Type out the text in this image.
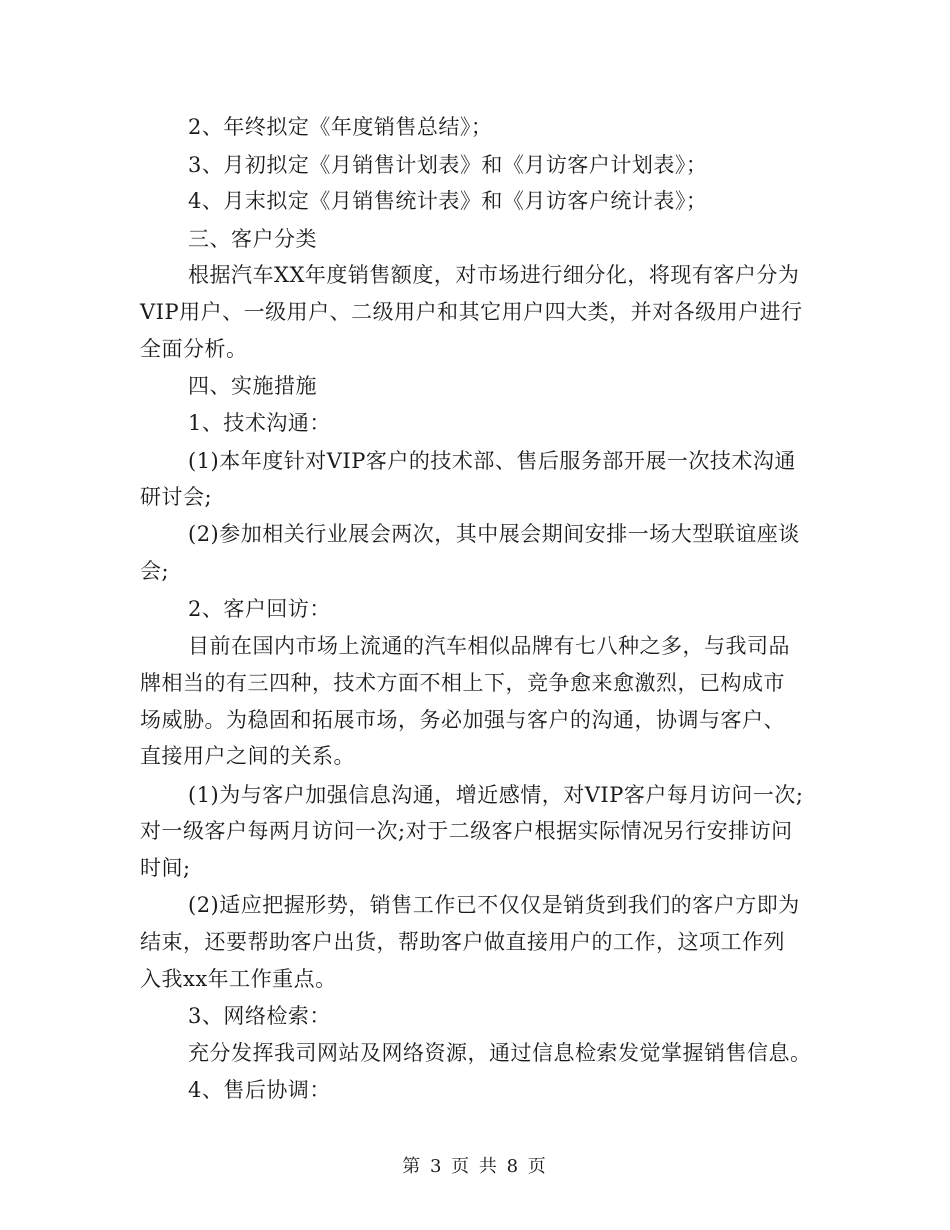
2、年终拟定《年度销售总结》；
3、月初拟定《月销售计划表》和《月访客户计划表》；
4、月末拟定《月销售统计表》和《月访客户统计表》；
三、客户分类
根据汽车XX年度销售额度，对市场进行细分化，将现有客户分为
VIP用户、一级用户、二级用户和其它用户四大类，并对各级用户进行
全面分析。
四、实施措施
1、技术沟通：
(1)本年度针对VIP客户的技术部、售后服务部开展一次技术沟通
研讨会;
(2)参加相关行业展会两次，其中展会期间安排一场大型联谊座谈
会;
2、客户回访：
目前在国内市场上流通的汽车相似品牌有七八种之多，与我司品
牌相当的有三四种，技术方面不相上下，竞争愈来愈激烈，已构成市
场威胁。为稳固和拓展市场，务必加强与客户的沟通，协调与客户、
直接用户之间的关系。
(1)为与客户加强信息沟通，增近感情，对VIP客户每月访问一次;
对一级客户每两月访问一次;对于二级客户根据实际情况另行安排访问
时间;
(2)适应把握形势，销售工作已不仅仅是销货到我们的客户方即为
结束，还要帮助客户出货，帮助客户做直接用户的工作，这项工作列
入我xx年工作重点。
3、网络检索：
充分发挥我司网站及网络资源，通过信息检索发觉掌握销售信息。
4、售后协调：
第 3 页 共 8 页
